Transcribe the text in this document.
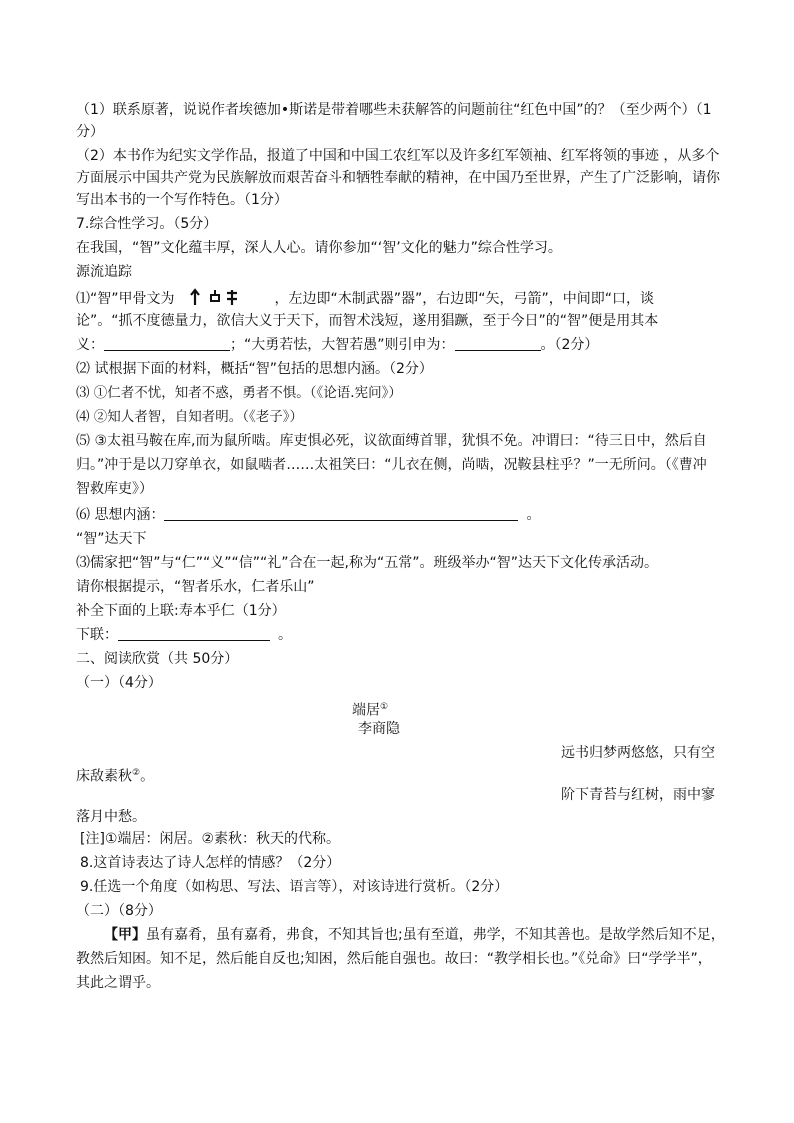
（1）联系原著，说说作者埃德加•斯诺是带着哪些未获解答的问题前往“红色中国”的？（至少两个）（1
分）
（2）本书作为纪实文学作品，报道了中国和中国工农红军以及许多红军领袖、红军将领的事迹 ，从多个
方面展示中国共产党为民族解放而艰苦奋斗和牺牲奉献的精神，在中国乃至世界，产生了广泛影响，请你
写出本书的一个写作特色。（1分）
7.综合性学习。（5分）
在我国，“智”文化蕴丰厚，深人人心。请你参加“‘智’文化的魅力”综合性学习。
源流追踪
⑴“智”甲骨文为	，左边即“木制武器”器”，右边即“矢，弓箭”，中间即“口，谈
论”。“抓不度德量力，欲信大义于天下，而智术浅短，遂用猖蹶，至于今日”的“智”便是用其本
义：	；“大勇若怯，大智若愚”则引申为：	。（2分）
⑵ 试根据下面的材料，概括“智”包括的思想内涵。（2分）
⑶ ①仁者不忧，知者不惑，勇者不惧。（《论语.宪问》）
⑷ ②知人者智，自知者明。（《老子》）
⑸ ③太祖马鞍在库,而为鼠所啮。库吏惧必死，议欲面缚首罪，犹惧不免。冲谓曰：“待三日中，然后自
归。”冲于是以刀穿单衣，如鼠啮者……太祖笑曰：“儿衣在侧，尚啮，况鞍县柱乎？”一无所问。（《曹冲
智救库吏》）
⑹ 思想内涵：	。
“智”达天下
⑶儒家把“智”与“仁”“义”“信”“礼”合在一起,称为“五常”。班级举办“智”达天下文化传承活动。
请你根据提示，“智者乐水，仁者乐山”
补全下面的上联:寿本乎仁（1分）
下联：	。
二、阅读欣赏（共 50分）
（一）（4分）
端居①
李商隐
远书归梦两悠悠，只有空
床敌素秋②。
阶下青苔与红树，雨中寥
落月中愁。
[注]①端居：闲居。②素秋：秋天的代称。
8.这首诗表达了诗人怎样的情感？（2分）
9.任选一个角度（如构思、写法、语言等），对该诗进行赏析。（2分）
（二）（8分）
【甲】虽有嘉肴，虽有嘉肴，弗食，不知其旨也;虽有至道，弗学，不知其善也。是故学然后知不足，
教然后知困。知不足，然后能自反也;知困，然后能自强也。故曰：“教学相长也。”《兑命》曰“学学半”，
其此之谓乎。
